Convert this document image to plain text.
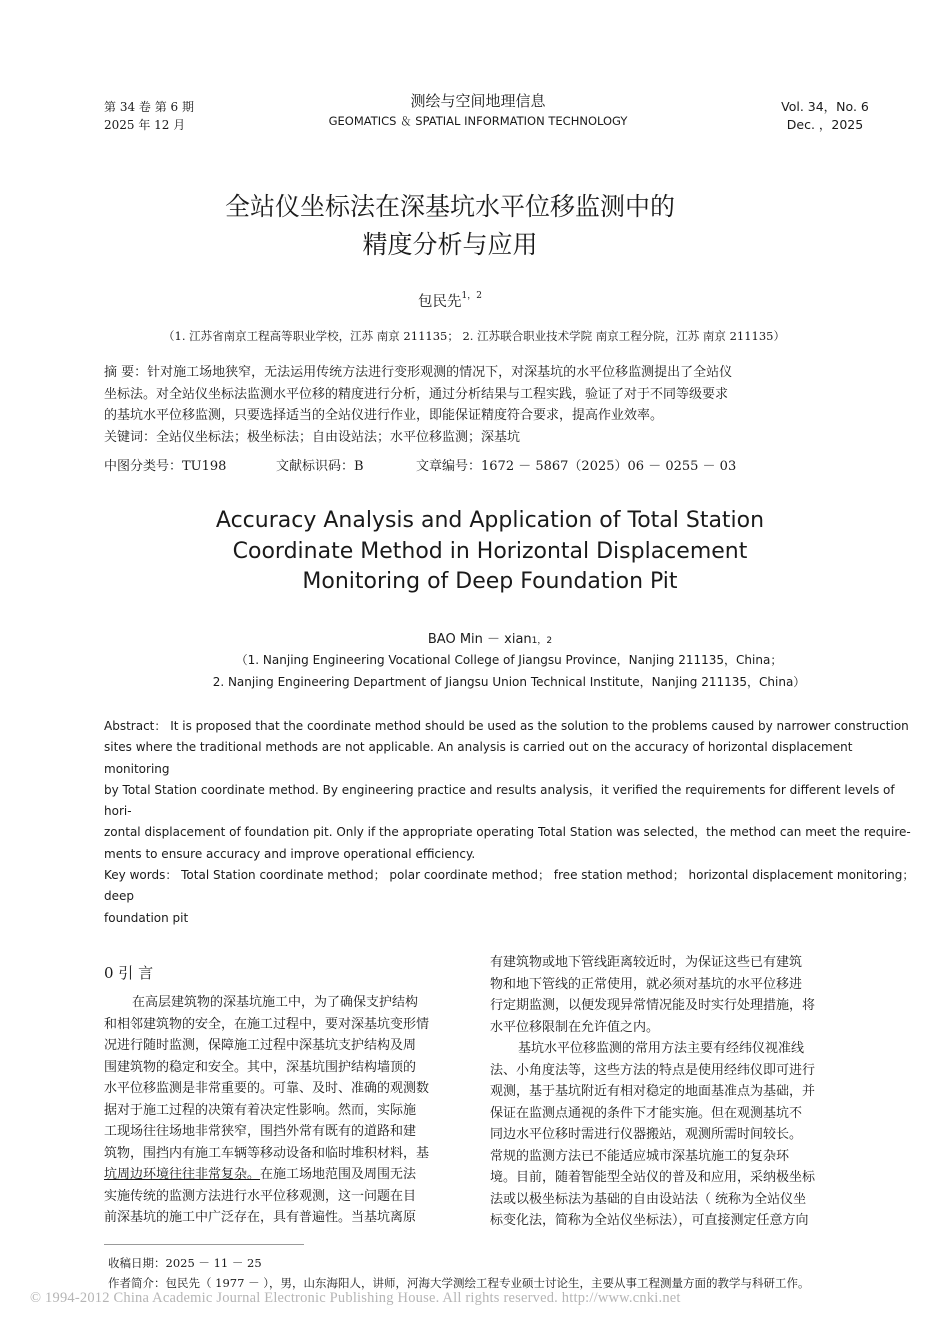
第 34 卷 第 6 期
2025 年 12 月
测绘与空间地理信息
GEOMATICS ＆ SPATIAL INFORMATION TECHNOLOGY
Vol. 34，No. 6
Dec. ，2025
全站仪坐标法在深基坑水平位移监测中的
精度分析与应用
包民先$^{1,2}$
（1. 江苏省南京工程高等职业学校，江苏 南京 211135； 2. 江苏联合职业技术学院 南京工程分院，江苏 南京 211135）

摘 要：针对施工场地狭窄，无法运用传统方法进行变形观测的情况下，对深基坑的水平位移监测提出了全站仪

坐标法。对全站仪坐标法监测水平位移的精度进行分析，通过分析结果与工程实践，验证了对于不同等级要求

的基坑水平位移监测，只要选择适当的全站仪进行作业，即能保证精度符合要求，提高作业效率。

关键词：全站仪坐标法；极坐标法；自由设站法；水平位移监测；深基坑

中图分类号：TU198	文献标识码：B	文章编号：1672 － 5867（2025）06 － 0255 － 03
Accuracy Analysis and Application of Total Station
Coordinate Method in Horizontal Displacement
Monitoring of Deep Foundation Pit
BAO Min － xian1，2
（1. Nanjing Engineering Vocational College of Jiangsu Province，Nanjing 211135，China；
2. Nanjing Engineering Department of Jiangsu Union Technical Institute，Nanjing 211135，China）

Abstract： It is proposed that the coordinate method should be used as the solution to the problems caused by narrower construction

sites where the traditional methods are not applicable. An analysis is carried out on the accuracy of horizontal displacement

monitoring

by Total Station coordinate method. By engineering practice and results analysis，it verified the requirements for different levels of

hori-

zontal displacement of foundation pit. Only if the appropriate operating Total Station was selected，the method can meet the require-

ments to ensure accuracy and improve operational efficiency.

Key words： Total Station coordinate method； polar coordinate method； free station method； horizontal displacement monitoring；

deep

foundation pit

0 引 言

在高层建筑物的深基坑施工中，为了确保支护结构

和相邻建筑物的安全，在施工过程中，要对深基坑变形情

况进行随时监测，保障施工过程中深基坑支护结构及周

围建筑物的稳定和安全。其中，深基坑围护结构墙顶的

水平位移监测是非常重要的。可靠、及时、准确的观测数

据对于施工过程的决策有着决定性影响。然而，实际施

工现场往往场地非常狭窄，围挡外常有既有的道路和建

筑物，围挡内有施工车辆等移动设备和临时堆积材料，基

坑周边环境往往非常复杂。在施工场地范围及周围无法

实施传统的监测方法进行水平位移观测，这一问题在目

前深基坑的施工中广泛存在，具有普遍性。当基坑离原

有建筑物或地下管线距离较近时，为保证这些已有建筑

物和地下管线的正常使用，就必须对基坑的水平位移进

行定期监测，以便发现异常情况能及时实行处理措施，将

水平位移限制在允许值之内。

基坑水平位移监测的常用方法主要有经纬仪视准线

法、小角度法等，这些方法的特点是使用经纬仪即可进行

观测，基于基坑附近有相对稳定的地面基准点为基础，并

保证在监测点通视的条件下才能实施。但在观测基坑不

同边水平位移时需进行仪器搬站，观测所需时间较长。

常规的监测方法已不能适应城市深基坑施工的复杂环

境。目前，随着智能型全站仪的普及和应用，采纳极坐标

法或以极坐标法为基础的自由设站法（ 统称为全站仪坐

标变化法，简称为全站仪坐标法），可直接测定任意方向

收稿日期：2025 － 11 － 25
作者简介：包民先（ 1977 － ），男，山东海阳人，讲师，河海大学测绘工程专业硕士讨论生，主要从事工程测量方面的教学与科研工作。
© 1994-2012 China Academic Journal Electronic Publishing House. All rights reserved. http://www.cnki.net
